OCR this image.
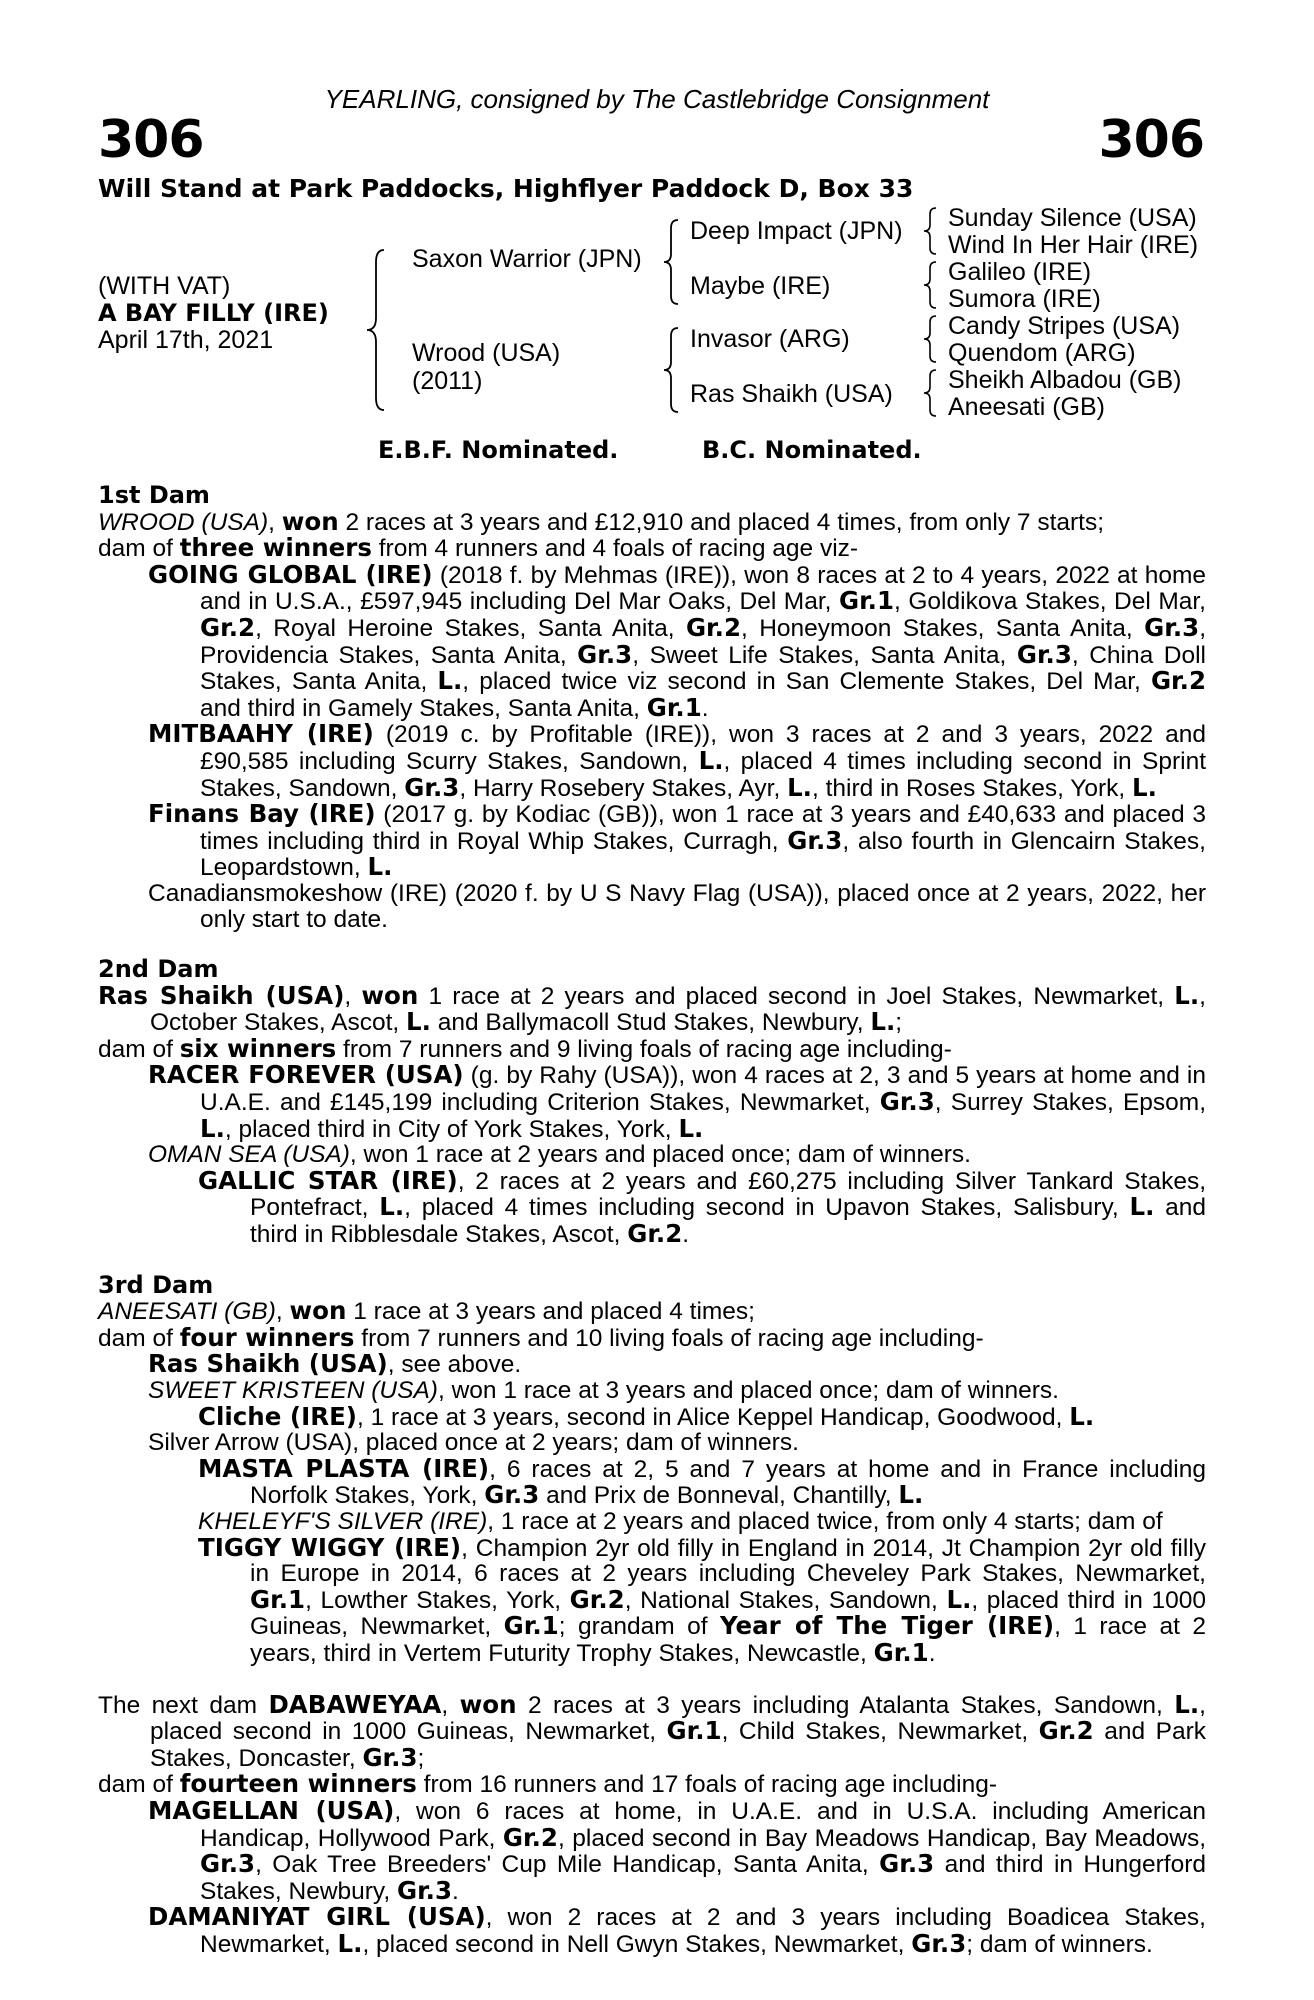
YEARLING, consigned by The Castlebridge Consignment
306	306
Will Stand at Park Paddocks, Highflyer Paddock D, Box 33
(WITH VAT)
A BAY FILLY (IRE)
April 17th, 2021
Saxon Warrior (JPN)
Wrood (USA)
(2011)
Deep Impact (JPN)
Maybe (IRE)
Invasor (ARG)
Ras Shaikh (USA)
Sunday Silence (USA)
Wind In Her Hair (IRE)
Galileo (IRE)
Sumora (IRE)
Candy Stripes (USA)
Quendom (ARG)
Sheikh Albadou (GB)
Aneesati (GB)
E.B.F. Nominated.	B.C. Nominated.

1st Dam

WROOD (USA), won 2 races at 3 years and £12,910 and placed 4 times, from only 7 starts;

dam of three winners from 4 runners and 4 foals of racing age viz-

GOING GLOBAL (IRE) (2018 f. by Mehmas (IRE)), won 8 races at 2 to 4 years, 2022 at home and in U.S.A., £597,945 including Del Mar Oaks, Del Mar, Gr.1, Goldikova Stakes, Del Mar, Gr.2, Royal Heroine Stakes, Santa Anita, Gr.2, Honeymoon Stakes, Santa Anita, Gr.3, Providencia Stakes, Santa Anita, Gr.3, Sweet Life Stakes, Santa Anita, Gr.3, China Doll Stakes, Santa Anita, L., placed twice viz second in San Clemente Stakes, Del Mar, Gr.2 and third in Gamely Stakes, Santa Anita, Gr.1.

MITBAAHY (IRE) (2019 c. by Profitable (IRE)), won 3 races at 2 and 3 years, 2022 and £90,585 including Scurry Stakes, Sandown, L., placed 4 times including second in Sprint Stakes, Sandown, Gr.3, Harry Rosebery Stakes, Ayr, L., third in Roses Stakes, York, L.

Finans Bay (IRE) (2017 g. by Kodiac (GB)), won 1 race at 3 years and £40,633 and placed 3 times including third in Royal Whip Stakes, Curragh, Gr.3, also fourth in Glencairn Stakes, Leopardstown, L.

Canadiansmokeshow (IRE) (2020 f. by U S Navy Flag (USA)), placed once at 2 years, 2022, her only start to date.

2nd Dam

Ras Shaikh (USA), won 1 race at 2 years and placed second in Joel Stakes, Newmarket, L., October Stakes, Ascot, L. and Ballymacoll Stud Stakes, Newbury, L.;

dam of six winners from 7 runners and 9 living foals of racing age including-

RACER FOREVER (USA) (g. by Rahy (USA)), won 4 races at 2, 3 and 5 years at home and in U.A.E. and £145,199 including Criterion Stakes, Newmarket, Gr.3, Surrey Stakes, Epsom, L., placed third in City of York Stakes, York, L.

OMAN SEA (USA), won 1 race at 2 years and placed once; dam of winners.

GALLIC STAR (IRE), 2 races at 2 years and £60,275 including Silver Tankard Stakes, Pontefract, L., placed 4 times including second in Upavon Stakes, Salisbury, L. and third in Ribblesdale Stakes, Ascot, Gr.2.

3rd Dam

ANEESATI (GB), won 1 race at 3 years and placed 4 times;

dam of four winners from 7 runners and 10 living foals of racing age including-

Ras Shaikh (USA), see above.

SWEET KRISTEEN (USA), won 1 race at 3 years and placed once; dam of winners.

Cliche (IRE), 1 race at 3 years, second in Alice Keppel Handicap, Goodwood, L.

Silver Arrow (USA), placed once at 2 years; dam of winners.

MASTA PLASTA (IRE), 6 races at 2, 5 and 7 years at home and in France including Norfolk Stakes, York, Gr.3 and Prix de Bonneval, Chantilly, L.

KHELEYF'S SILVER (IRE), 1 race at 2 years and placed twice, from only 4 starts; dam of

TIGGY WIGGY (IRE), Champion 2yr old filly in England in 2014, Jt Champion 2yr old filly in Europe in 2014, 6 races at 2 years including Cheveley Park Stakes, Newmarket, Gr.1, Lowther Stakes, York, Gr.2, National Stakes, Sandown, L., placed third in 1000 Guineas, Newmarket, Gr.1; grandam of Year of The Tiger (IRE), 1 race at 2 years, third in Vertem Futurity Trophy Stakes, Newcastle, Gr.1.

The next dam DABAWEYAA, won 2 races at 3 years including Atalanta Stakes, Sandown, L., placed second in 1000 Guineas, Newmarket, Gr.1, Child Stakes, Newmarket, Gr.2 and Park Stakes, Doncaster, Gr.3;

dam of fourteen winners from 16 runners and 17 foals of racing age including-

MAGELLAN (USA), won 6 races at home, in U.A.E. and in U.S.A. including American Handicap, Hollywood Park, Gr.2, placed second in Bay Meadows Handicap, Bay Meadows, Gr.3, Oak Tree Breeders' Cup Mile Handicap, Santa Anita, Gr.3 and third in Hungerford Stakes, Newbury, Gr.3.

DAMANIYAT GIRL (USA), won 2 races at 2 and 3 years including Boadicea Stakes, Newmarket, L., placed second in Nell Gwyn Stakes, Newmarket, Gr.3; dam of winners.
